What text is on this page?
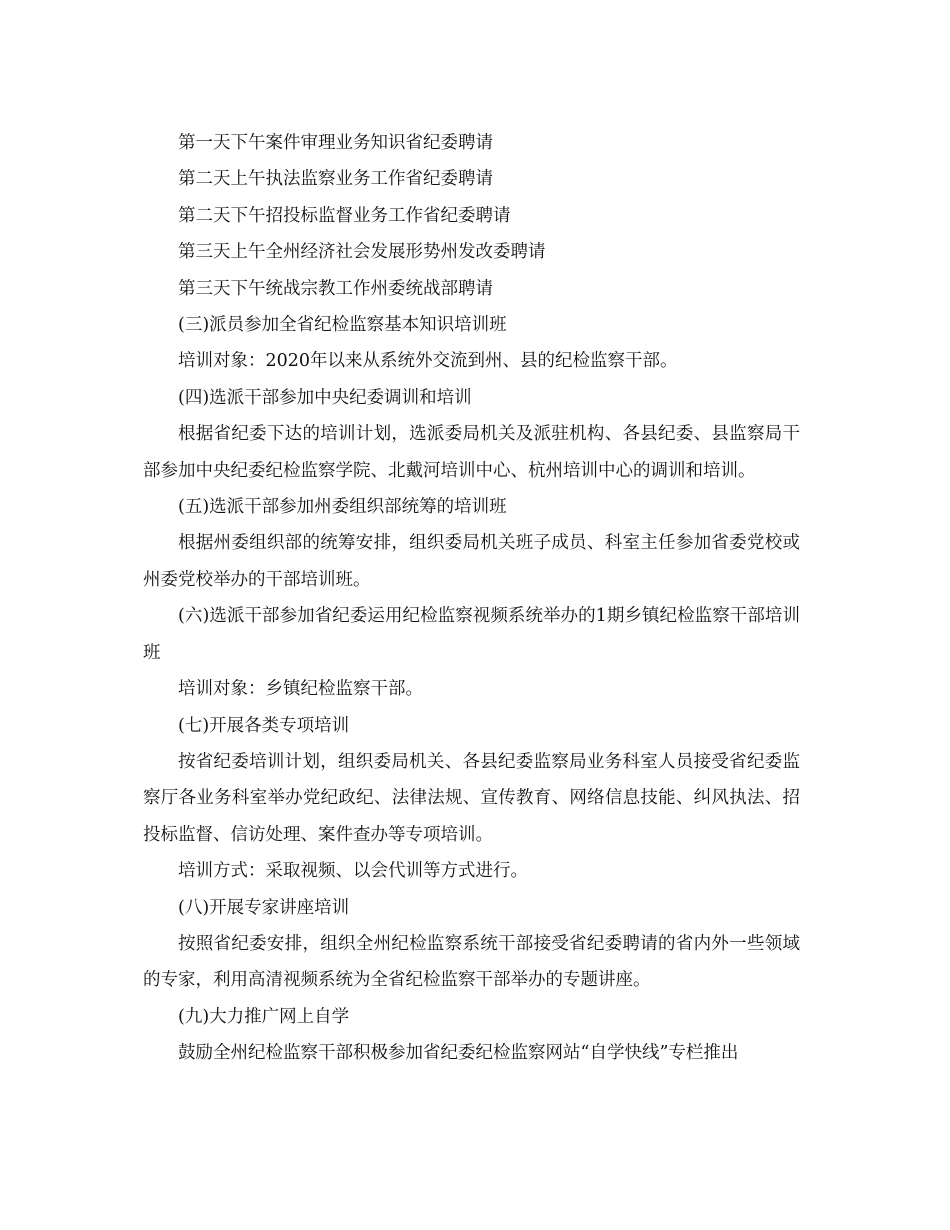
第一天下午案件审理业务知识省纪委聘请

第二天上午执法监察业务工作省纪委聘请

第二天下午招投标监督业务工作省纪委聘请

第三天上午全州经济社会发展形势州发改委聘请

第三天下午统战宗教工作州委统战部聘请

(三)派员参加全省纪检监察基本知识培训班

培训对象：2020年以来从系统外交流到州、县的纪检监察干部。

(四)选派干部参加中央纪委调训和培训

根据省纪委下达的培训计划，选派委局机关及派驻机构、各县纪委、县监察局干部参加中央纪委纪检监察学院、北戴河培训中心、杭州培训中心的调训和培训。

(五)选派干部参加州委组织部统筹的培训班

根据州委组织部的统筹安排，组织委局机关班子成员、科室主任参加省委党校或州委党校举办的干部培训班。

(六)选派干部参加省纪委运用纪检监察视频系统举办的1期乡镇纪检监察干部培训班

培训对象：乡镇纪检监察干部。

(七)开展各类专项培训

按省纪委培训计划，组织委局机关、各县纪委监察局业务科室人员接受省纪委监察厅各业务科室举办党纪政纪、法律法规、宣传教育、网络信息技能、纠风执法、招投标监督、信访处理、案件查办等专项培训。

培训方式：采取视频、以会代训等方式进行。

(八)开展专家讲座培训

按照省纪委安排，组织全州纪检监察系统干部接受省纪委聘请的省内外一些领域的专家，利用高清视频系统为全省纪检监察干部举办的专题讲座。

(九)大力推广网上自学

鼓励全州纪检监察干部积极参加省纪委纪检监察网站“自学快线”专栏推出
